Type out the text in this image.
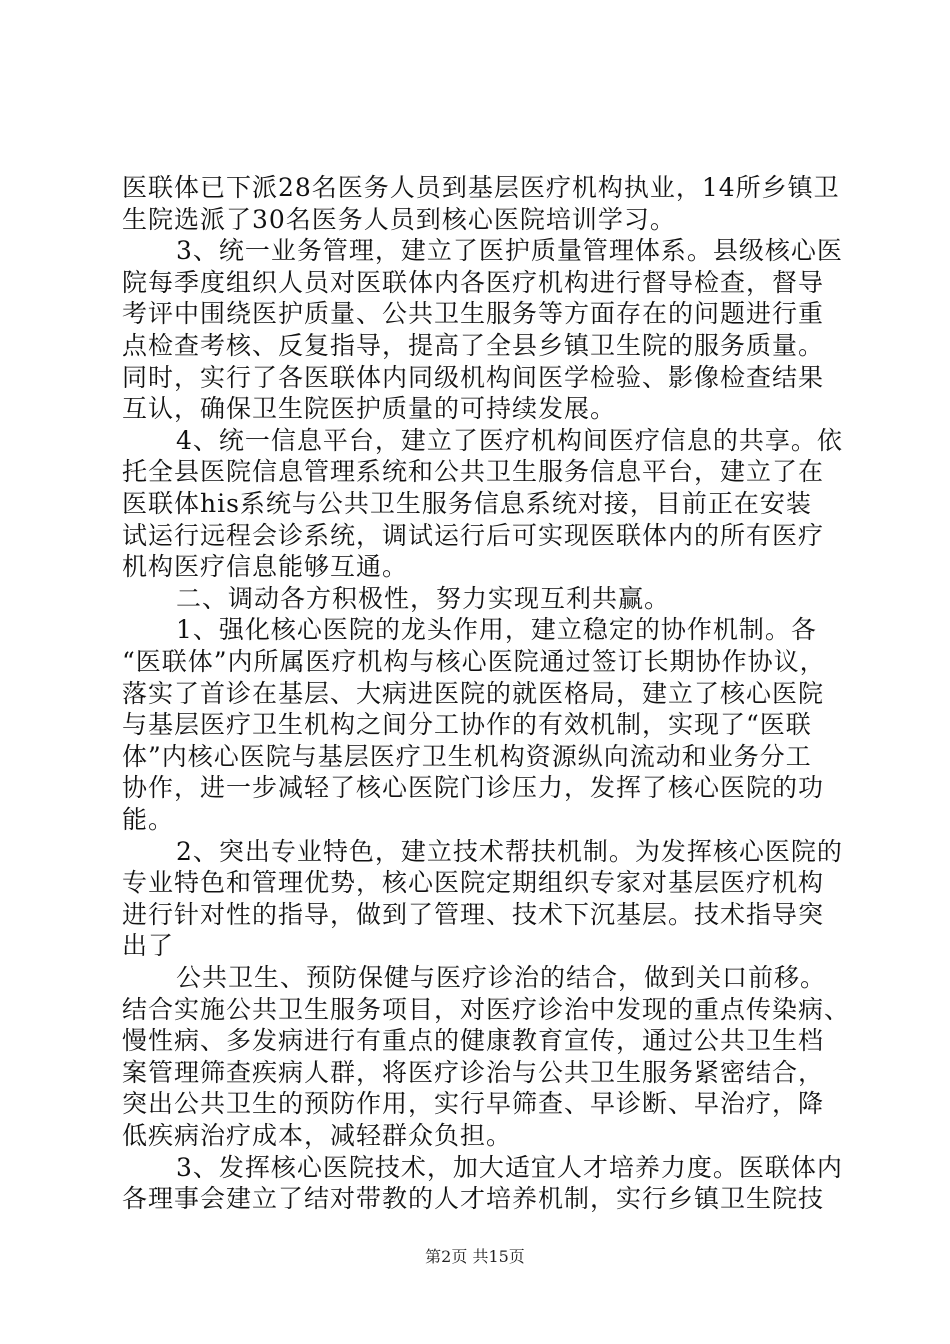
医联体已下派28名医务人员到基层医疗机构执业，14所乡镇卫
生院选派了30名医务人员到核心医院培训学习。
3、统一业务管理，建立了医护质量管理体系。县级核心医
院每季度组织人员对医联体内各医疗机构进行督导检查，督导
考评中围绕医护质量、公共卫生服务等方面存在的问题进行重
点检查考核、反复指导，提高了全县乡镇卫生院的服务质量。
同时，实行了各医联体内同级机构间医学检验、影像检查结果
互认，确保卫生院医护质量的可持续发展。
4、统一信息平台，建立了医疗机构间医疗信息的共享。依
托全县医院信息管理系统和公共卫生服务信息平台，建立了在
医联体his系统与公共卫生服务信息系统对接，目前正在安装
试运行远程会诊系统，调试运行后可实现医联体内的所有医疗
机构医疗信息能够互通。
二、调动各方积极性，努力实现互利共赢。
1、强化核心医院的龙头作用，建立稳定的协作机制。各
“医联体”内所属医疗机构与核心医院通过签订长期协作协议，
落实了首诊在基层、大病进医院的就医格局，建立了核心医院
与基层医疗卫生机构之间分工协作的有效机制，实现了“医联
体”内核心医院与基层医疗卫生机构资源纵向流动和业务分工
协作，进一步减轻了核心医院门诊压力，发挥了核心医院的功
能。
2、突出专业特色，建立技术帮扶机制。为发挥核心医院的
专业特色和管理优势，核心医院定期组织专家对基层医疗机构
进行针对性的指导，做到了管理、技术下沉基层。技术指导突
出了
公共卫生、预防保健与医疗诊治的结合，做到关口前移。
结合实施公共卫生服务项目，对医疗诊治中发现的重点传染病、
慢性病、多发病进行有重点的健康教育宣传，通过公共卫生档
案管理筛查疾病人群，将医疗诊治与公共卫生服务紧密结合，
突出公共卫生的预防作用，实行早筛查、早诊断、早治疗，降
低疾病治疗成本，减轻群众负担。
第2页 共15页
3、发挥核心医院技术，加大适宜人才培养力度。医联体内
各理事会建立了结对带教的人才培养机制，实行乡镇卫生院技
